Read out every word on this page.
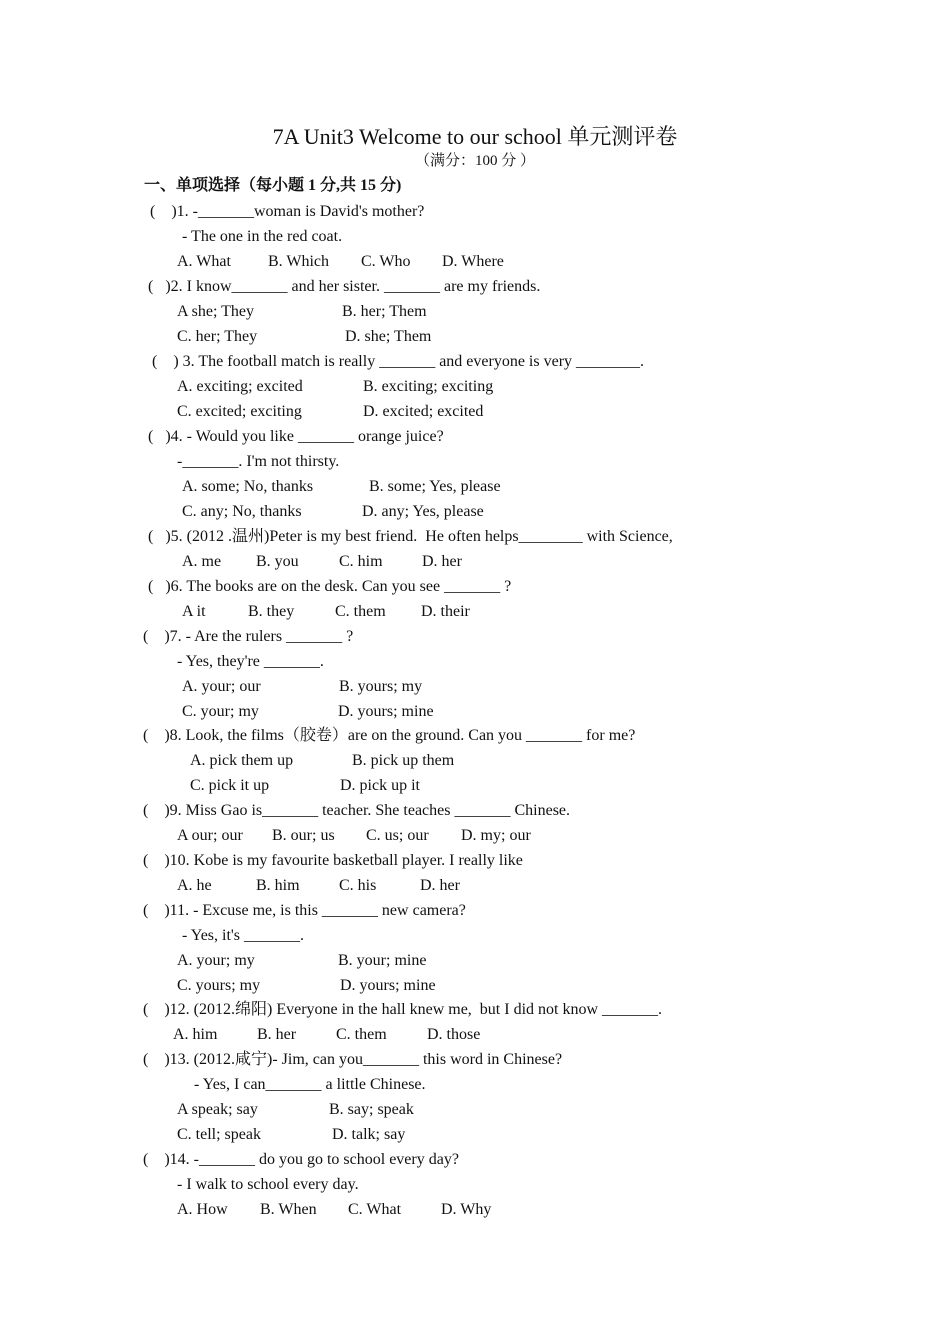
7A Unit3 Welcome to our school 单元测评卷
（满分：100 分 ）
一、单项选择（每小题 1 分,共 15 分)
(    )1. -_______woman is David's mother?
- The one in the red coat.
A. What B. Which C. Who D. Where
(   )2. I know_______ and her sister. _______ are my friends.
A she; They	B. her; Them
C. her; They	D. she; Them
(    ) 3. The football match is really _______ and everyone is very ________.
A. exciting; excited	B. exciting; exciting
C. excited; exciting	D. excited; excited
(   )4. - Would you like _______ orange juice?
-_______. I'm not thirsty.
A. some; No, thanks	B. some; Yes, please
C. any; No, thanks	D. any; Yes, please
(   )5. (2012 .温州)Peter is my best friend.  He often helps________ with Science,
A. me B. you	C. him D. her
(   )6. The books are on the desk. Can you see _______ ?
A it	B. they	C. them D. their
(    )7. - Are the rulers _______ ?
- Yes, they're _______.
A. your; our	B. yours; my
C. your; my	D. yours; mine
(    )8. Look, the films（胶卷）are on the ground. Can you _______ for me?
A. pick them up	B. pick up them
C. pick it up	D. pick up it
(    )9. Miss Gao is_______ teacher. She teaches _______ Chinese.
A our; our B. our; us C. us; our D. my; our
(    )10. Kobe is my favourite basketball player. I really like
A. he	B. him C. his	D. her
(    )11. - Excuse me, is this _______ new camera?
- Yes, it's _______.
A. your; my	B. your; mine
C. yours; my	D. yours; mine
(    )12. (2012.绵阳) Everyone in the hall knew me,  but I did not know _______.
A. him B. her C. them	D. those
(    )13. (2012.咸宁)- Jim, can you_______ this word in Chinese?
- Yes, I can_______ a little Chinese.
A speak; say	B. say; speak
C. tell; speak	D. talk; say
(    )14. -_______ do you go to school every day?
- I walk to school every day.
A. How B. When C. What D. Why
